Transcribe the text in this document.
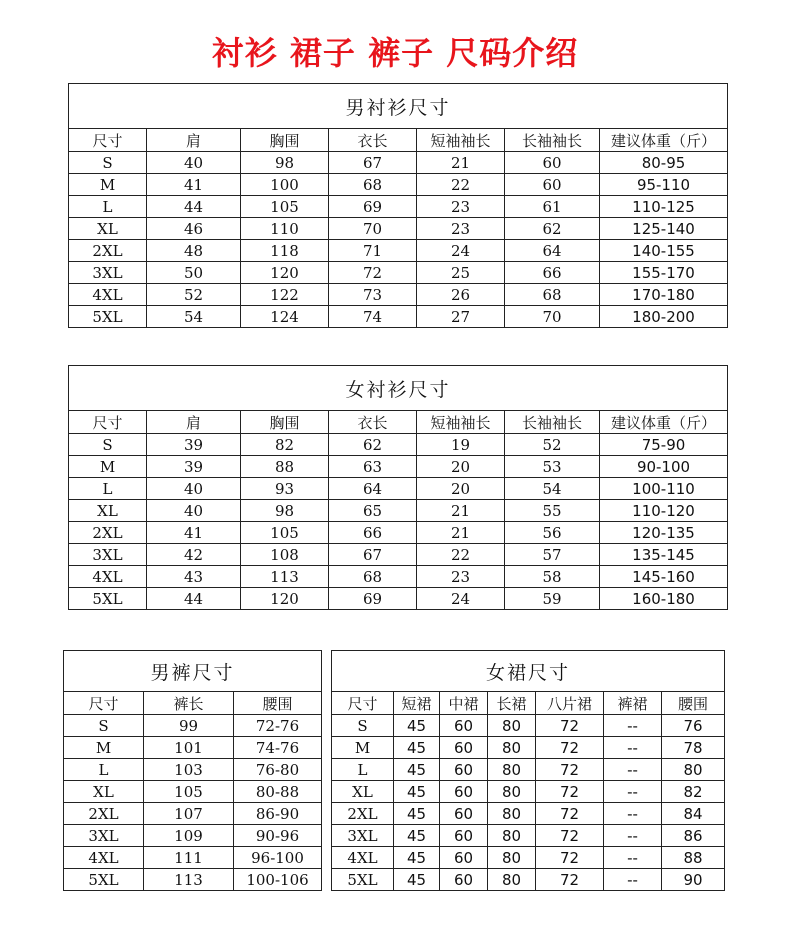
衬衫 裙子 裤子 尺码介绍
男衬衫尺寸						
尺寸	肩	胸围	衣长	短袖袖长	长袖袖长	建议体重（斤）
S	40	98	67	21	60	80-95
M	41	100	68	22	60	95-110
L	44	105	69	23	61	110-125
XL	46	110	70	23	62	125-140
2XL	48	118	71	24	64	140-155
3XL	50	120	72	25	66	155-170
4XL	52	122	73	26	68	170-180
5XL	54	124	74	27	70	180-200
女衬衫尺寸						
尺寸	肩	胸围	衣长	短袖袖长	长袖袖长	建议体重（斤）
S	39	82	62	19	52	75-90
M	39	88	63	20	53	90-100
L	40	93	64	20	54	100-110
XL	40	98	65	21	55	110-120
2XL	41	105	66	21	56	120-135
3XL	42	108	67	22	57	135-145
4XL	43	113	68	23	58	145-160
5XL	44	120	69	24	59	160-180
男裤尺寸		
尺寸	裤长	腰围
S	99	72-76
M	101	74-76
L	103	76-80
XL	105	80-88
2XL	107	86-90
3XL	109	90-96
4XL	111	96-100
5XL	113	100-106
女裙尺寸						
尺寸	短裙	中裙	长裙	八片裙	裤裙	腰围
S	45	60	80	72	--	76
M	45	60	80	72	--	78
L	45	60	80	72	--	80
XL	45	60	80	72	--	82
2XL	45	60	80	72	--	84
3XL	45	60	80	72	--	86
4XL	45	60	80	72	--	88
5XL	45	60	80	72	--	90
